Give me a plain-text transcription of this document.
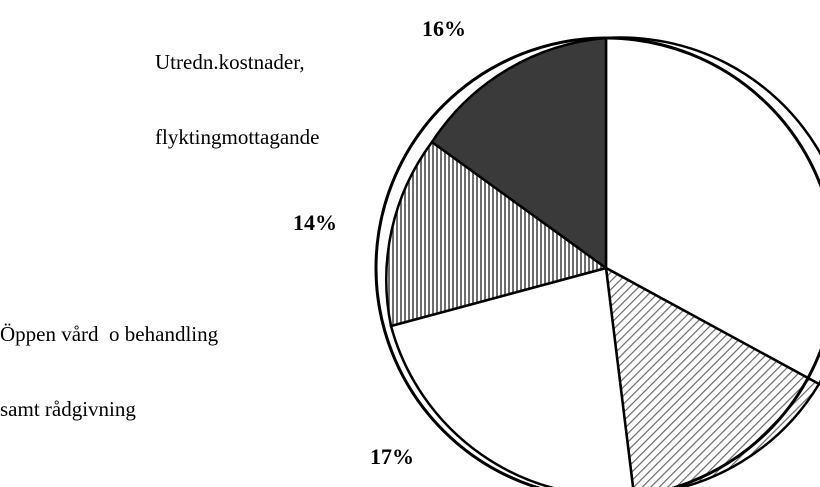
Utredn.kostnader,

flyktingmottagande

Öppen vård  o behandling

samt rådgivning

16%
14%
17%
